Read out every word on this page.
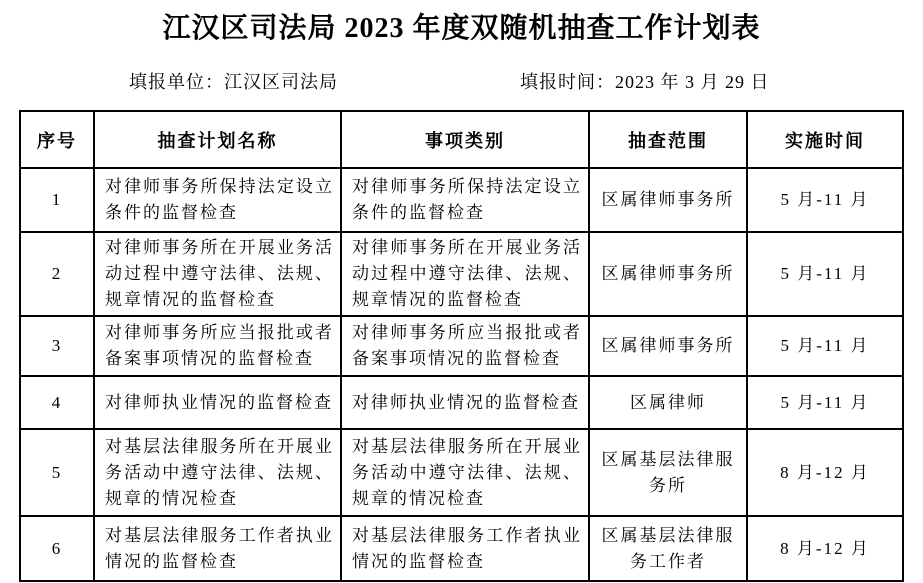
江汉区司法局 2023 年度双随机抽查工作计划表
填报单位：江汉区司法局	填报时间：2023 年 3 月 29 日
序号	抽查计划名称	事项类别	抽查范围	实施时间
1	对律师事务所保持法定设立条件的监督检查	对律师事务所保持法定设立条件的监督检查	区属律师事务所	5 月-11 月
2	对律师事务所在开展业务活动过程中遵守法律、法规、规章情况的监督检查	对律师事务所在开展业务活动过程中遵守法律、法规、规章情况的监督检查	区属律师事务所	5 月-11 月
3	对律师事务所应当报批或者备案事项情况的监督检查	对律师事务所应当报批或者备案事项情况的监督检查	区属律师事务所	5 月-11 月
4	对律师执业情况的监督检查	对律师执业情况的监督检查	区属律师	5 月-11 月
5	对基层法律服务所在开展业务活动中遵守法律、法规、规章的情况检查	对基层法律服务所在开展业务活动中遵守法律、法规、规章的情况检查	区属基层法律服务所	8 月-12 月
6	对基层法律服务工作者执业情况的监督检查	对基层法律服务工作者执业情况的监督检查	区属基层法律服务工作者	8 月-12 月
